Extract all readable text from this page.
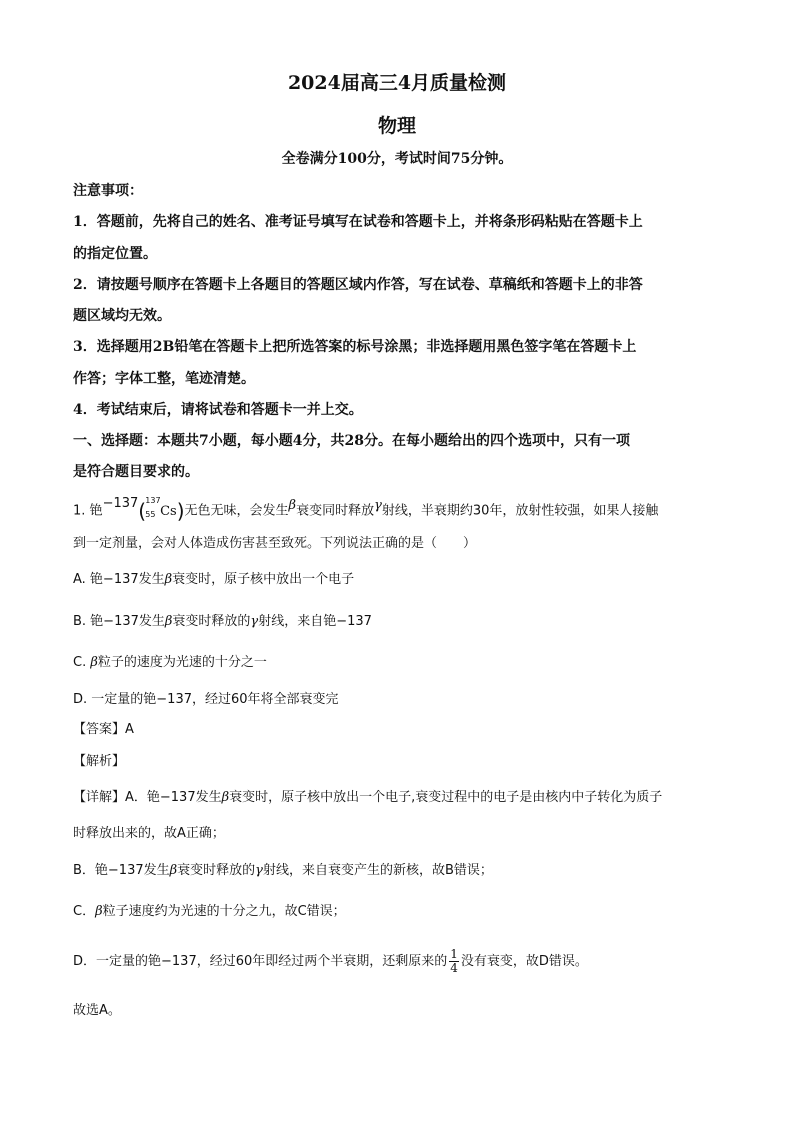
2024届高三4月质量检测
物理
全卷满分100分，考试时间75分钟。
注意事项：
1．答题前，先将自己的姓名、准考证号填写在试卷和答题卡上，并将条形码粘贴在答题卡上
的指定位置。
2．请按题号顺序在答题卡上各题目的答题区域内作答，写在试卷、草稿纸和答题卡上的非答
题区域均无效。
3．选择题用2B铅笔在答题卡上把所选答案的标号涂黑；非选择题用黑色签字笔在答题卡上
作答；字体工整，笔迹清楚。
4．考试结束后，请将试卷和答题卡一并上交。
一、选择题：本题共7小题，每小题4分，共28分。在每小题给出的四个选项中，只有一项
是符合题目要求的。
1. 铯−137( 137
55 Cs)无色无味，会发生β衰变同时释放γ射线，半衰期约30年，放射性较强，如果人接触
到一定剂量，会对人体造成伤害甚至致死。下列说法正确的是（　　）
A. 铯−137发生β衰变时，原子核中放出一个电子
B. 铯−137发生β衰变时释放的γ射线，来自铯−137
C. β粒子的速度为光速的十分之一
D. 一定量的铯−137，经过60年将全部衰变完
【答案】A
【解析】
【详解】A．铯−137发生β衰变时，原子核中放出一个电子,衰变过程中的电子是由核内中子转化为质子
时释放出来的，故A正确；
B．铯−137发生β衰变时释放的γ射线，来自衰变产生的新核，故B错误；
C．β粒子速度约为光速的十分之九，故C错误；
D．一定量的铯−137，经过60年即经过两个半衰期，还剩原来的 $\frac{1}{4}$ 没有衰变，故D错误。
故选A。
